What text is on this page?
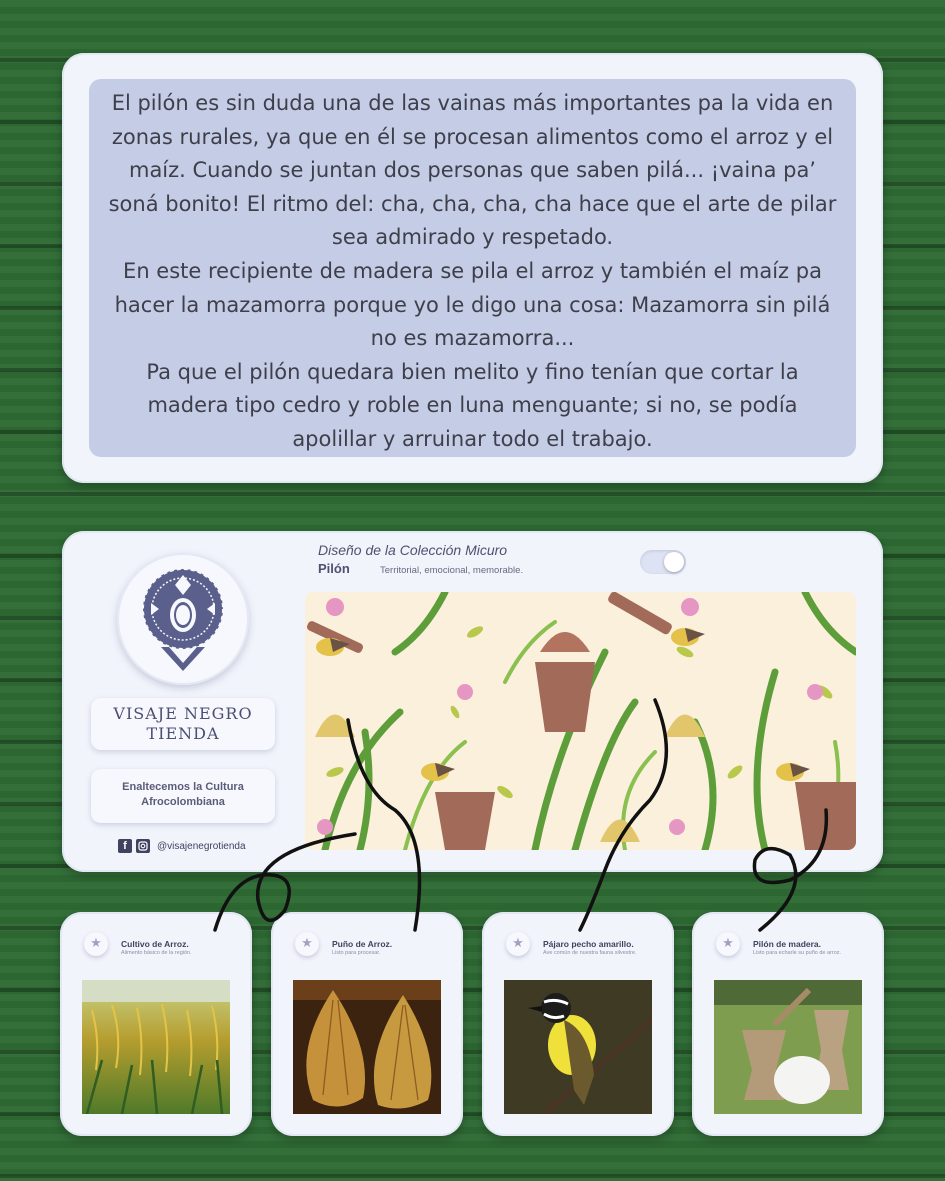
El pilón es sin duda una de las vainas más importantes pa la vida en zonas rurales, ya que en él se procesan alimentos como el arroz y el maíz. Cuando se juntan dos personas que saben pilá... ¡vaina pa’ soná bonito! El ritmo del: cha, cha, cha, cha hace que el arte de pilar sea admirado y respetado.

En este recipiente de madera se pila el arroz y también el maíz pa hacer la mazamorra porque yo le digo una cosa: Mazamorra sin pilá no es mazamorra...

Pa que el pilón quedara bien melito y fino tenían que cortar la madera tipo cedro y roble en luna menguante; si no, se podía apolillar y arruinar todo el trabajo.

VISAJE NEGRO TIENDA
Enaltecemos la Cultura Afrocolombiana
f	@visajenegrotienda
Diseño de la Colección Micuro
Pilón	Territorial, emocional, memorable.
★	Cultivo de Arroz.
Alimento básico de la región.
★	Puño de Arroz.
Listo para procesar.
★	Pájaro pecho amarillo.
Ave común de nuestra fauna silvestre.
★	Pilón de madera.
Listo para echarle su puño de arroz.
